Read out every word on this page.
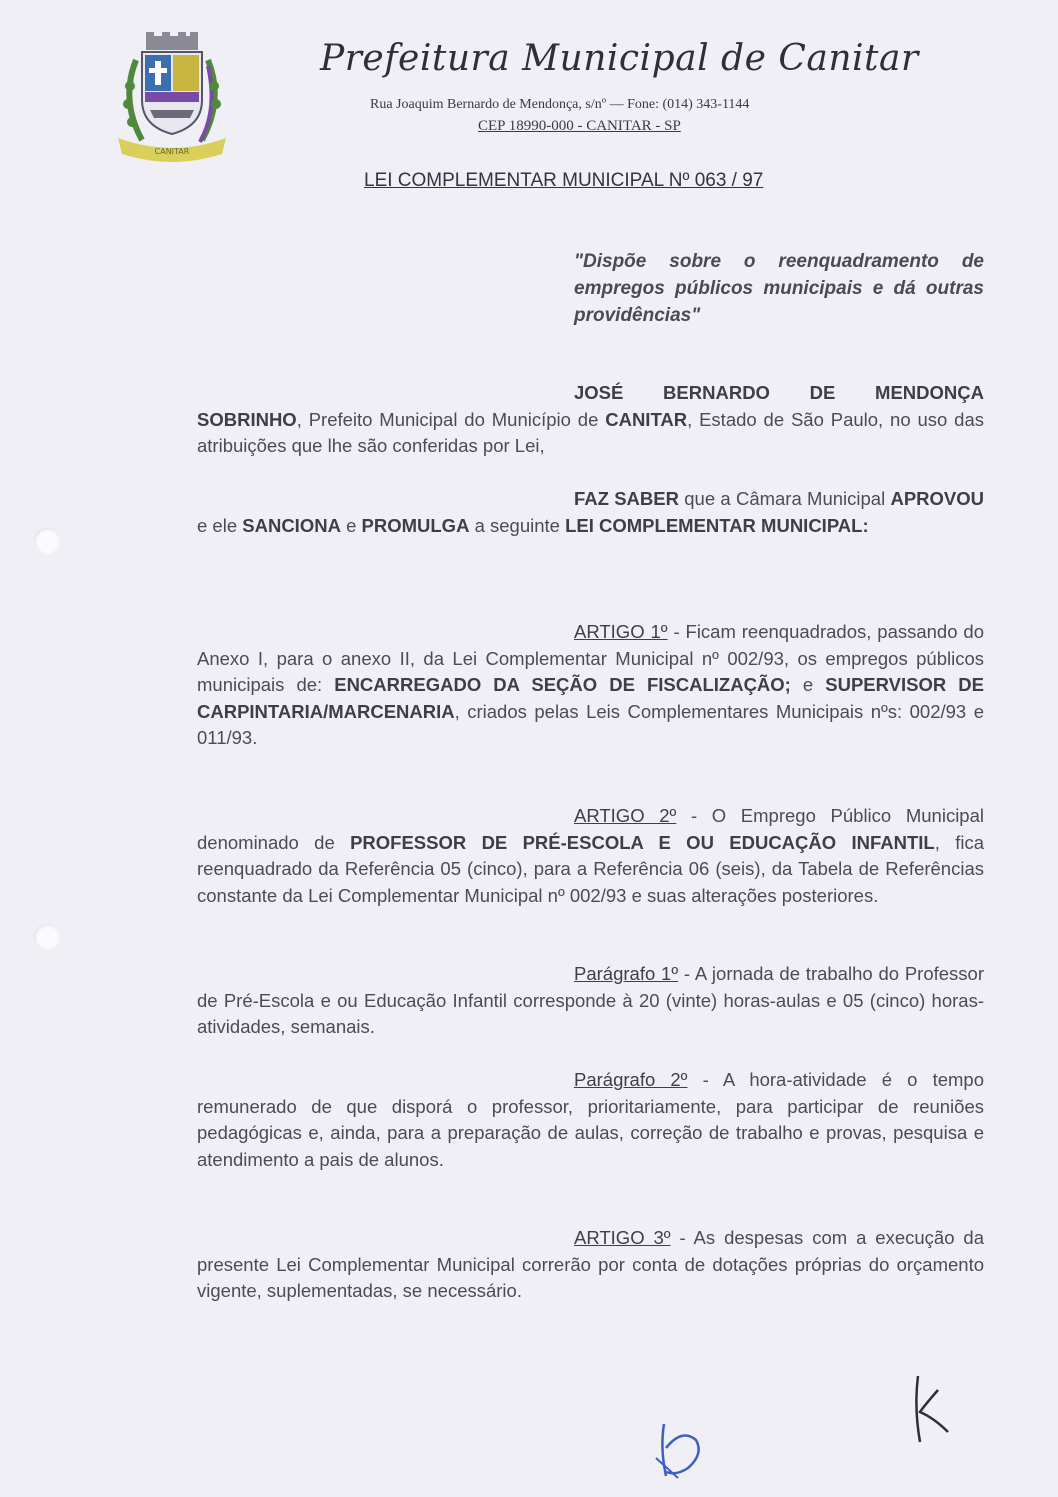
CANITAR
Prefeitura Municipal de Canitar
Rua Joaquim Bernardo de Mendonça, s/nº — Fone: (014) 343-1144
CEP 18990-000 - CANITAR - SP
LEI COMPLEMENTAR MUNICIPAL Nº 063 / 97
"Dispõe sobre o reenquadramento de empregos públicos municipais e dá outras providências"
JOSÉ BERNARDO DE MENDONÇA SOBRINHO, Prefeito Municipal do Município de CANITAR, Estado de São Paulo, no uso das atribuições que lhe são conferidas por Lei,
FAZ SABER que a Câmara Municipal APROVOU e ele SANCIONA e PROMULGA a seguinte LEI COMPLEMENTAR MUNICIPAL:
ARTIGO 1º - Ficam reenquadrados, passando do Anexo I, para o anexo II, da Lei Complementar Municipal nº 002/93, os empregos públicos municipais de: ENCARREGADO DA SEÇÃO DE FISCALIZAÇÃO; e SUPERVISOR DE CARPINTARIA/MARCENARIA, criados pelas Leis Complementares Municipais nºs: 002/93 e 011/93.
ARTIGO 2º - O Emprego Público Municipal denominado de PROFESSOR DE PRÉ-ESCOLA E OU EDUCAÇÃO INFANTIL, fica reenquadrado da Referência 05 (cinco), para a Referência 06 (seis), da Tabela de Referências constante da Lei Complementar Municipal nº 002/93 e suas alterações posteriores.
Parágrafo 1º - A jornada de trabalho do Professor de Pré-Escola e ou Educação Infantil corresponde à 20 (vinte) horas-aulas e 05 (cinco) horas-atividades, semanais.
Parágrafo 2º - A hora-atividade é o tempo remunerado de que disporá o professor, prioritariamente, para participar de reuniões pedagógicas e, ainda, para a preparação de aulas, correção de trabalho e provas, pesquisa e atendimento a pais de alunos.
ARTIGO 3º - As despesas com a execução da presente Lei Complementar Municipal correrão por conta de dotações próprias do orçamento vigente, suplementadas, se necessário.
